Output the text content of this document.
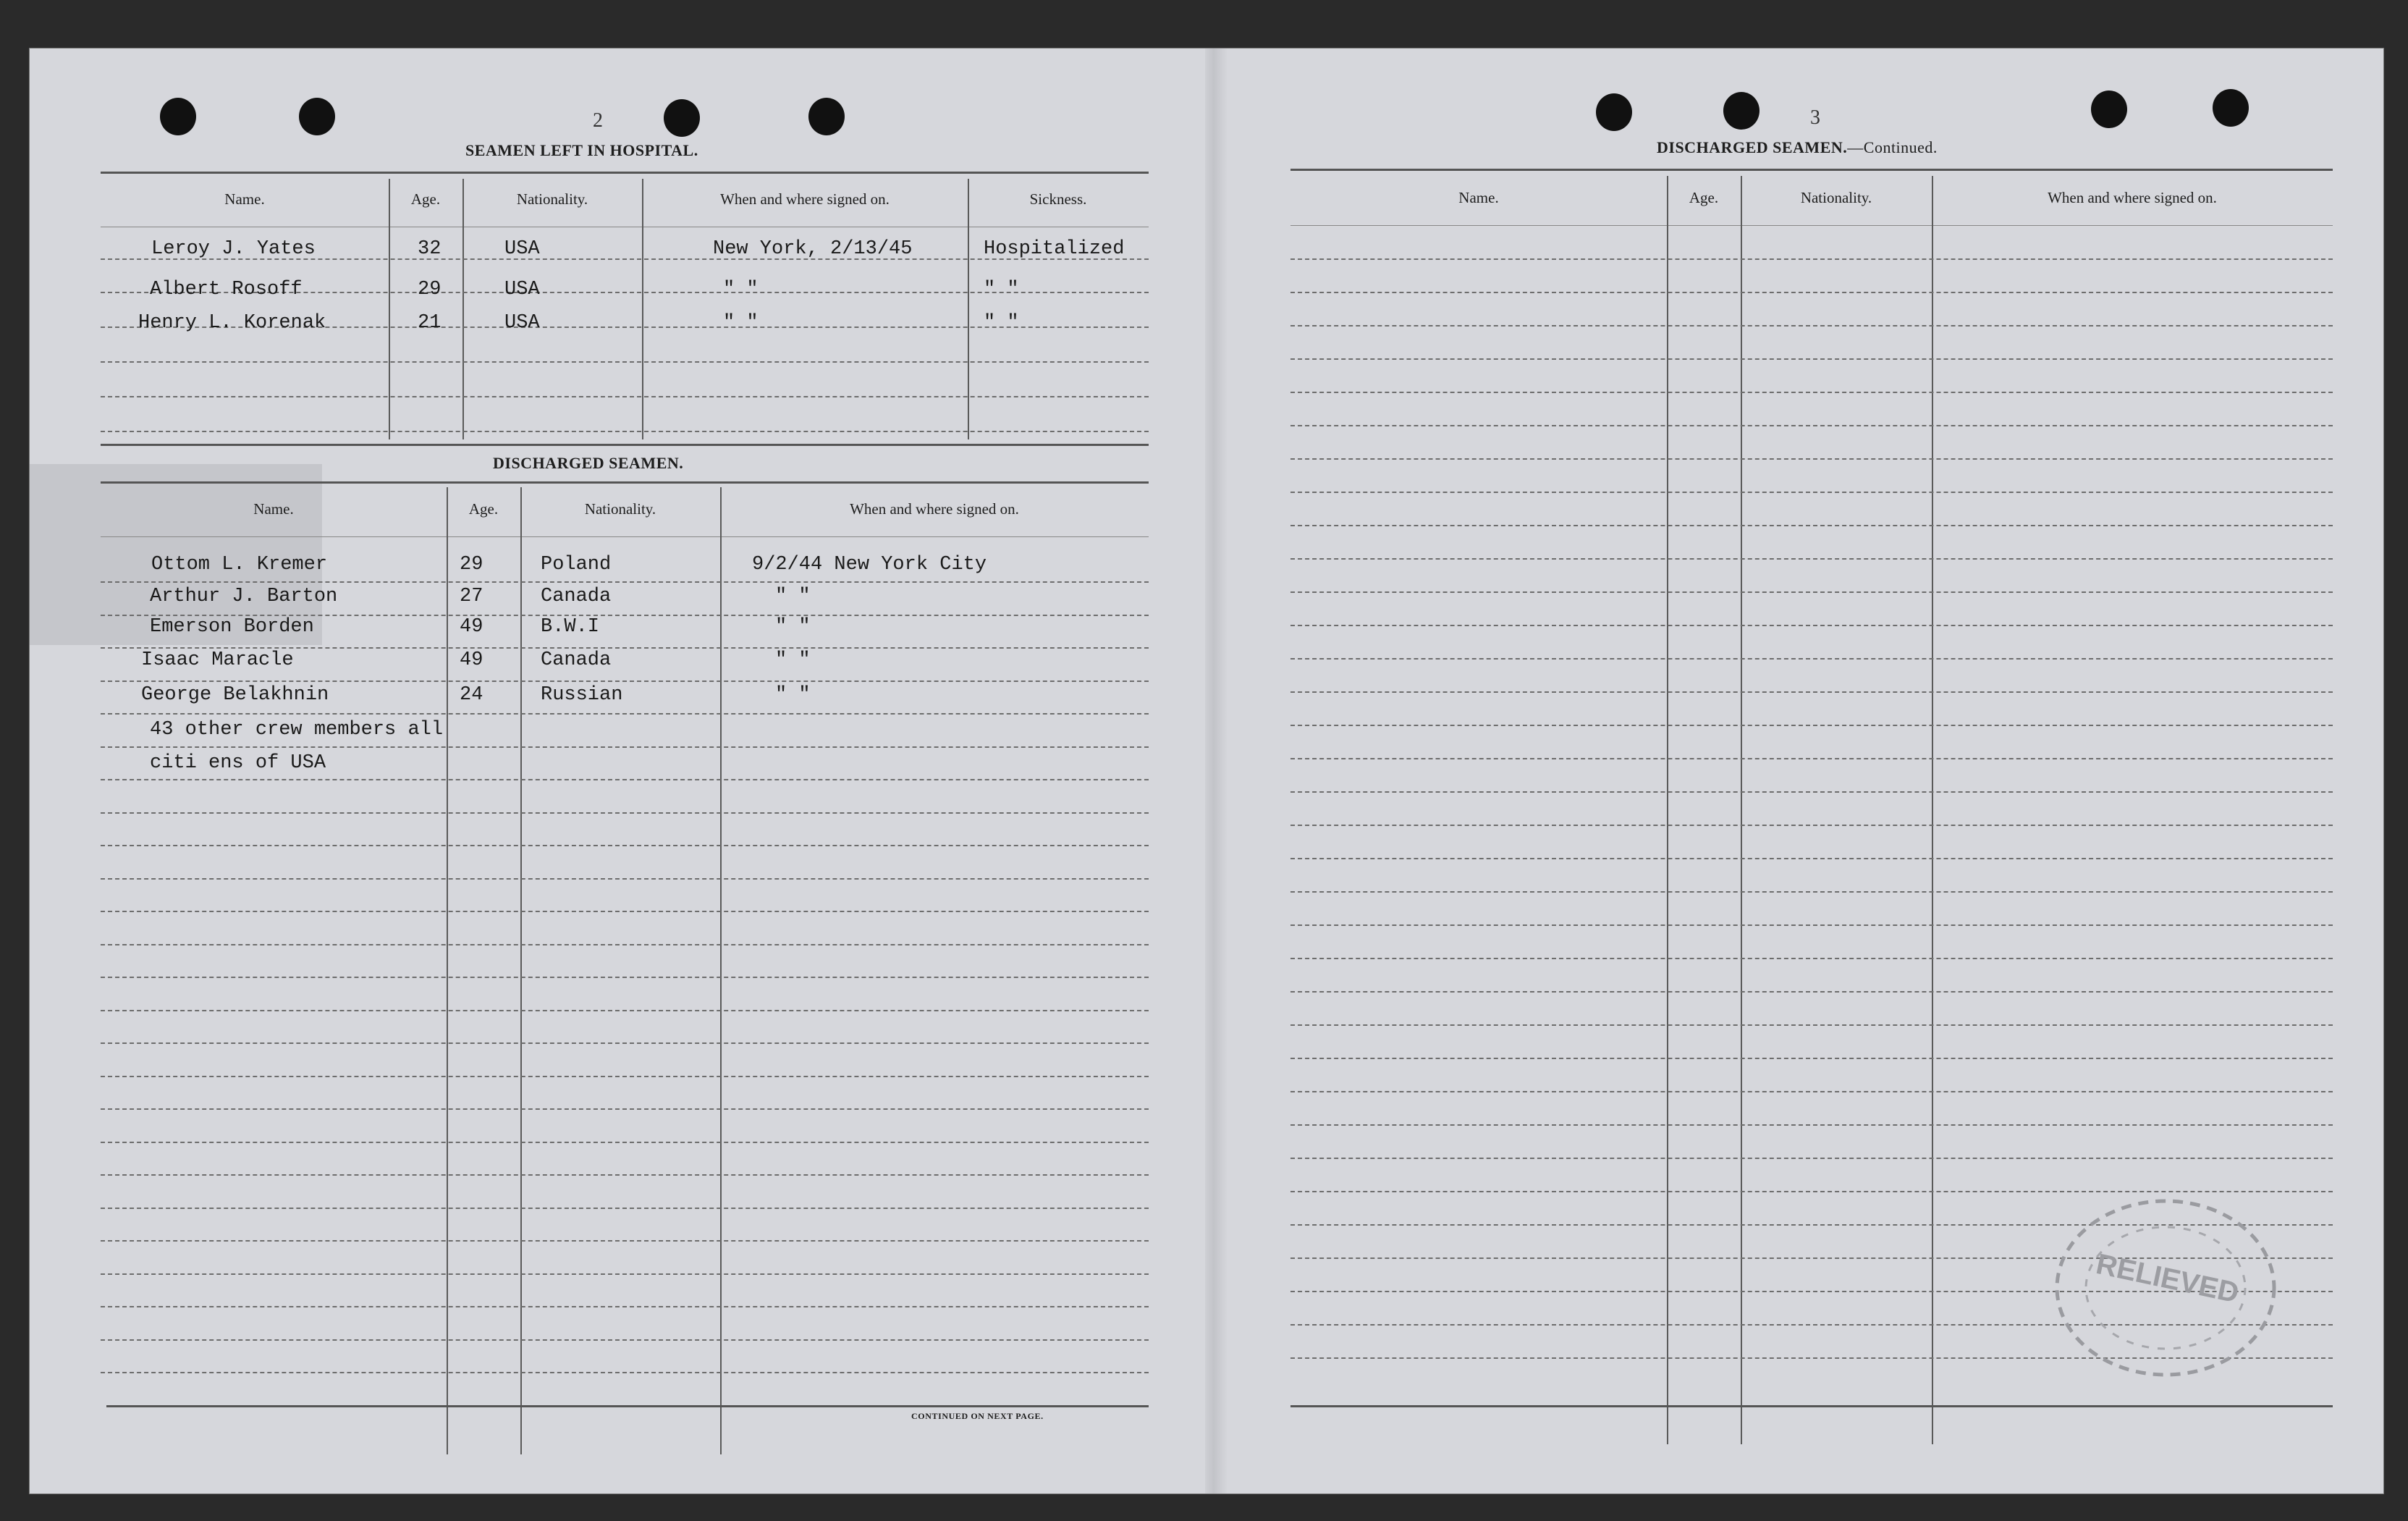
2
SEAMEN LEFT IN HOSPITAL.
Name.	Age.	Nationality.	When and where signed on.	Sickness.
Leroy J. Yates	32	USA	New York, 2/13/45	Hospitalized
Albert Rosoff	29	USA	" "	" "
Henry L. Korenak	21	USA	" "	" "
DISCHARGED SEAMEN.
Name.	Age.	Nationality.	When and where signed on.
Ottom L. Kremer	29	Poland	9/2/44 New York City
Arthur J. Barton	27	Canada	" "
Emerson Borden	49	B.W.I	" "
Isaac Maracle	49	Canada	" "
George Belakhnin	24	Russian	" "
43 other crew members all
citi ens of USA
CONTINUED ON NEXT PAGE.
3
DISCHARGED SEAMEN.—Continued.
Name.	Age.	Nationality.	When and where signed on.
RELIEVED
